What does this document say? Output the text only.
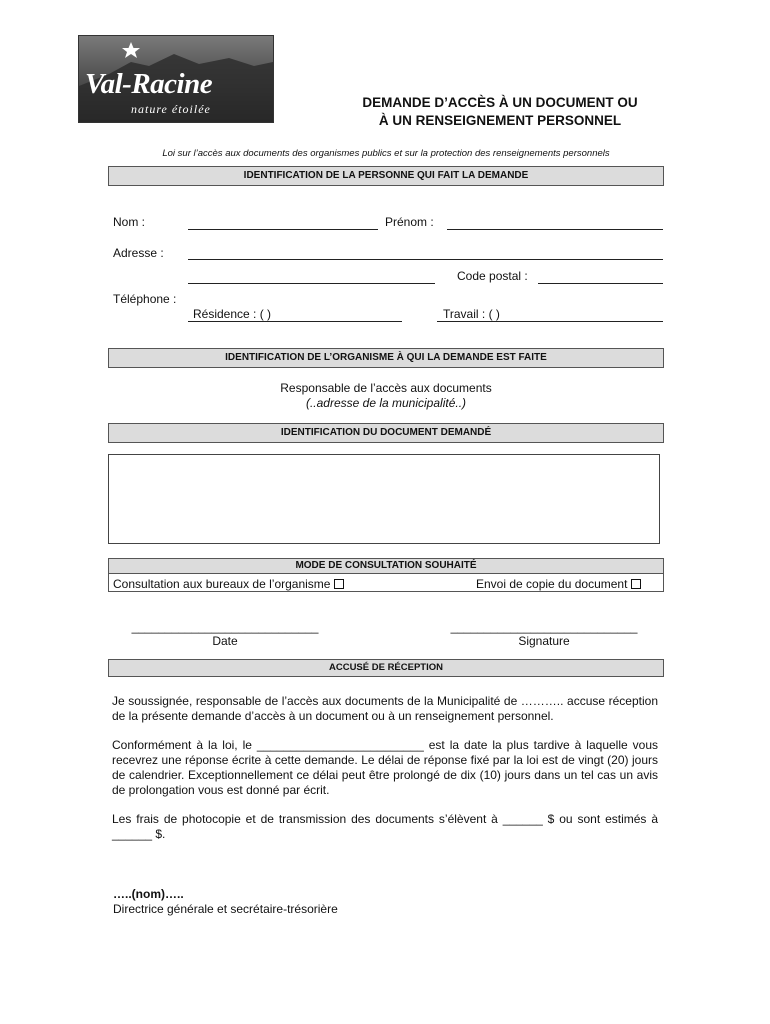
Val-Racine
nature étoilée	DEMANDE D’ACCÈS À UN DOCUMENT OU
À UN RENSEIGNEMENT PERSONNEL
Loi sur l’accès aux documents des organismes publics et sur la protection des renseignements personnels
IDENTIFICATION DE LA PERSONNE QUI FAIT LA DEMANDE
Nom :	Prénom :
Adresse :
Code postal :
Téléphone :
Résidence : ( )	Travail : ( )
IDENTIFICATION DE L’ORGANISME À QUI LA DEMANDE EST FAITE
Responsable de l’accès aux documents
(..adresse de la municipalité..)
IDENTIFICATION DU DOCUMENT DEMANDÉ
MODE DE CONSULTATION SOUHAITÉ
Consultation aux bureaux de l’organisme	Envoi de copie du document
____________________________
Date
____________________________
Signature
ACCUSÉ DE RÉCEPTION
Je soussignée, responsable de l’accès aux documents de la Municipalité de ……….. accuse réception de la présente demande d’accès à un document ou à un renseignement personnel.
Conformément à la loi, le _________________________ est la date la plus tardive à laquelle vous recevrez une réponse écrite à cette demande. Le délai de réponse fixé par la loi est de vingt (20) jours de calendrier. Exceptionnellement ce délai peut être prolongé de dix (10) jours dans un tel cas un avis de prolongation vous est donné par écrit.
Les frais de photocopie et de transmission des documents s’élèvent à ______ $ ou sont estimés à ______ $.
…..(nom)…..
Directrice générale et secrétaire-trésorière
